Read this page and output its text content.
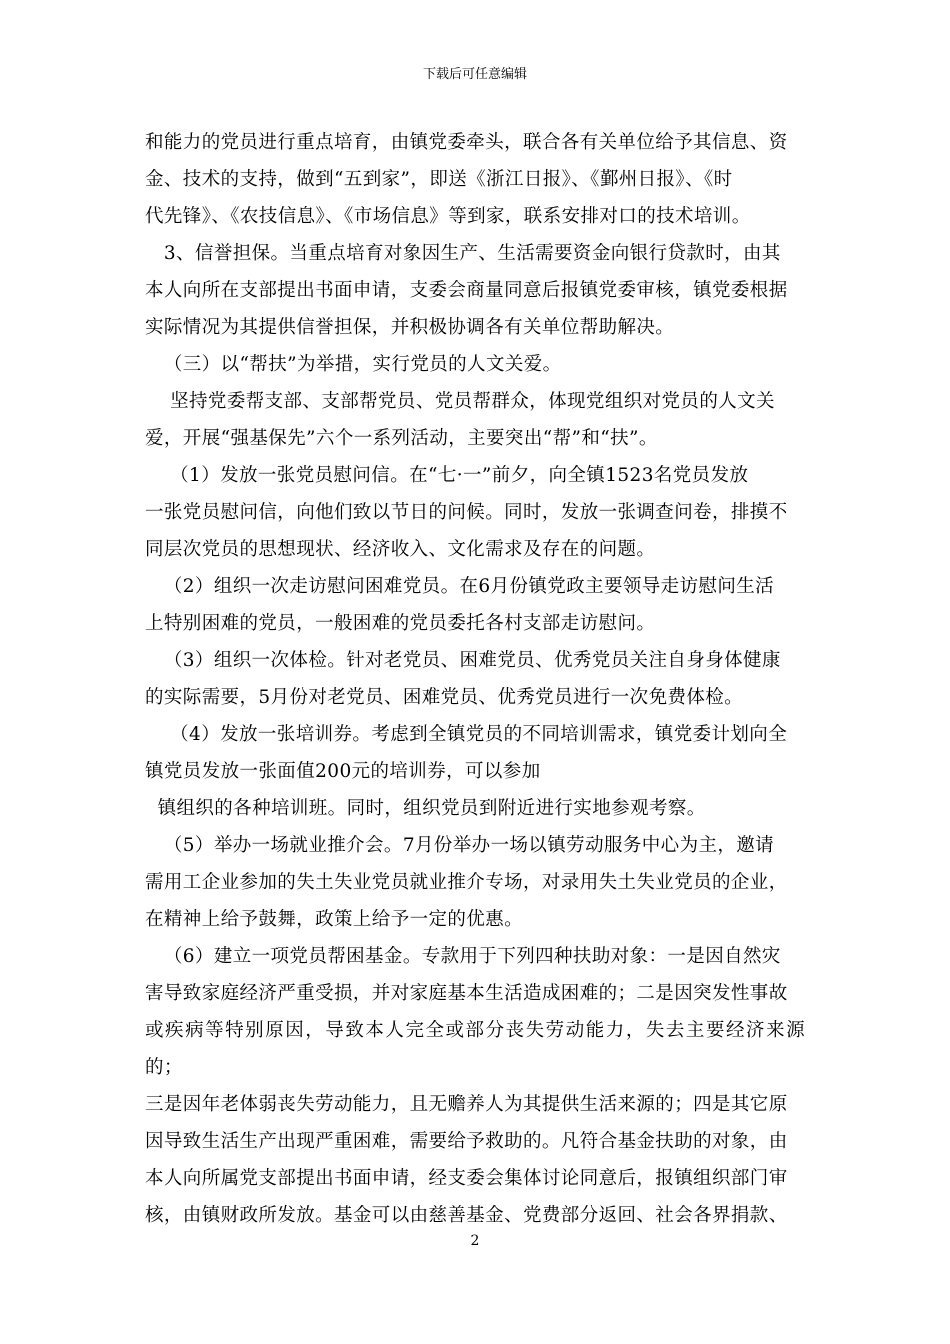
下载后可任意编辑

和能力的党员进行重点培育，由镇党委牵头，联合各有关单位给予其信息、资

金、技术的支持，做到“五到家”，即送《浙江日报》、《鄞州日报》、《时

代先锋》、《农技信息》、《市场信息》等到家，联系安排对口的技术培训。

3、信誉担保。当重点培育对象因生产、生活需要资金向银行贷款时，由其

本人向所在支部提出书面申请，支委会商量同意后报镇党委审核，镇党委根据

实际情况为其提供信誉担保，并积极协调各有关单位帮助解决。

（三）以“帮扶”为举措，实行党员的人文关爱。

坚持党委帮支部、支部帮党员、党员帮群众，体现党组织对党员的人文关

爱，开展“强基保先”六个一系列活动，主要突出“帮”和“扶”。

（1）发放一张党员慰问信。在“七·一”前夕，向全镇1523名党员发放

一张党员慰问信，向他们致以节日的问候。同时，发放一张调查问卷，排摸不

同层次党员的思想现状、经济收入、文化需求及存在的问题。

（2）组织一次走访慰问困难党员。在6月份镇党政主要领导走访慰问生活

上特别困难的党员，一般困难的党员委托各村支部走访慰问。

（3）组织一次体检。针对老党员、困难党员、优秀党员关注自身身体健康

的实际需要，5月份对老党员、困难党员、优秀党员进行一次免费体检。

（4）发放一张培训券。考虑到全镇党员的不同培训需求，镇党委计划向全

镇党员发放一张面值200元的培训券，可以参加

镇组织的各种培训班。同时，组织党员到附近进行实地参观考察。

（5）举办一场就业推介会。7月份举办一场以镇劳动服务中心为主，邀请

需用工企业参加的失土失业党员就业推介专场，对录用失土失业党员的企业，

在精神上给予鼓舞，政策上给予一定的优惠。

（6）建立一项党员帮困基金。专款用于下列四种扶助对象：一是因自然灾

害导致家庭经济严重受损，并对家庭基本生活造成困难的；二是因突发性事故

或疾病等特别原因，导致本人完全或部分丧失劳动能力，失去主要经济来源的；

三是因年老体弱丧失劳动能力，且无赡养人为其提供生活来源的；四是其它原

因导致生活生产出现严重困难，需要给予救助的。凡符合基金扶助的对象，由

本人向所属党支部提出书面申请，经支委会集体讨论同意后，报镇组织部门审

核，由镇财政所发放。基金可以由慈善基金、党费部分返回、社会各界捐款、

2
